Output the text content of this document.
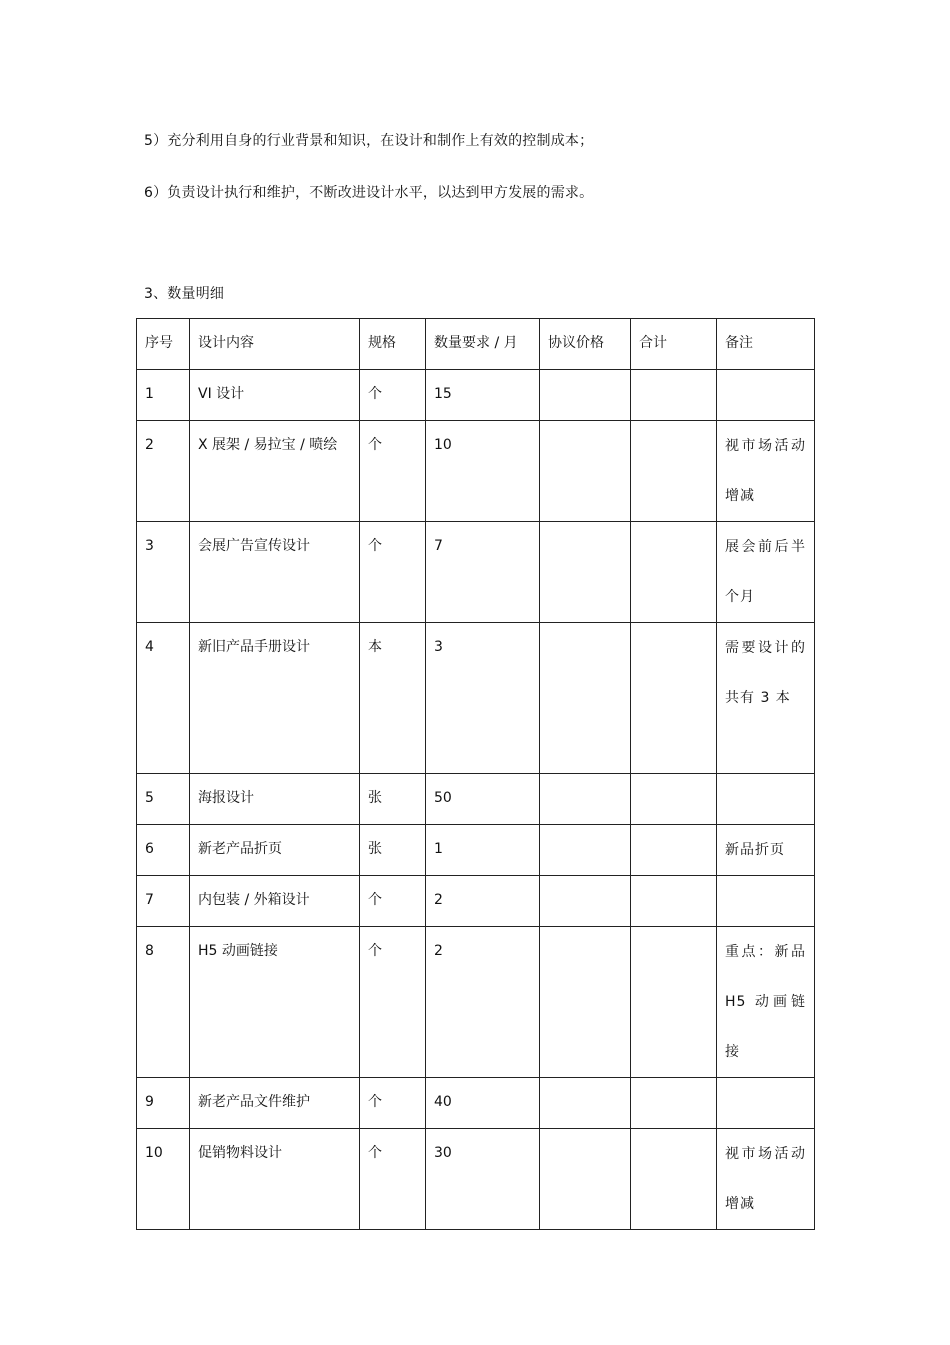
5）充分利用自身的行业背景和知识，在设计和制作上有效的控制成本；
6）负责设计执行和维护，不断改进设计水平，以达到甲方发展的需求。
3、数量明细
序号	设计内容	规格	数量要求 / 月	协议价格	合计	备注
1	VI 设计	个	15			
2	X 展架 / 易拉宝 / 喷绘	个	10			视市场活动增减
3	会展广告宣传设计	个	7			展会前后半个月
4	新旧产品手册设计	本	3			需要设计的共有 3 本
5	海报设计	张	50			
6	新老产品折页	张	1			新品折页
7	内包装 / 外箱设计	个	2			
8	H5 动画链接	个	2			重点：新品 H5 动画链接
9	新老产品文件维护	个	40			
10	促销物料设计	个	30			视市场活动增减
